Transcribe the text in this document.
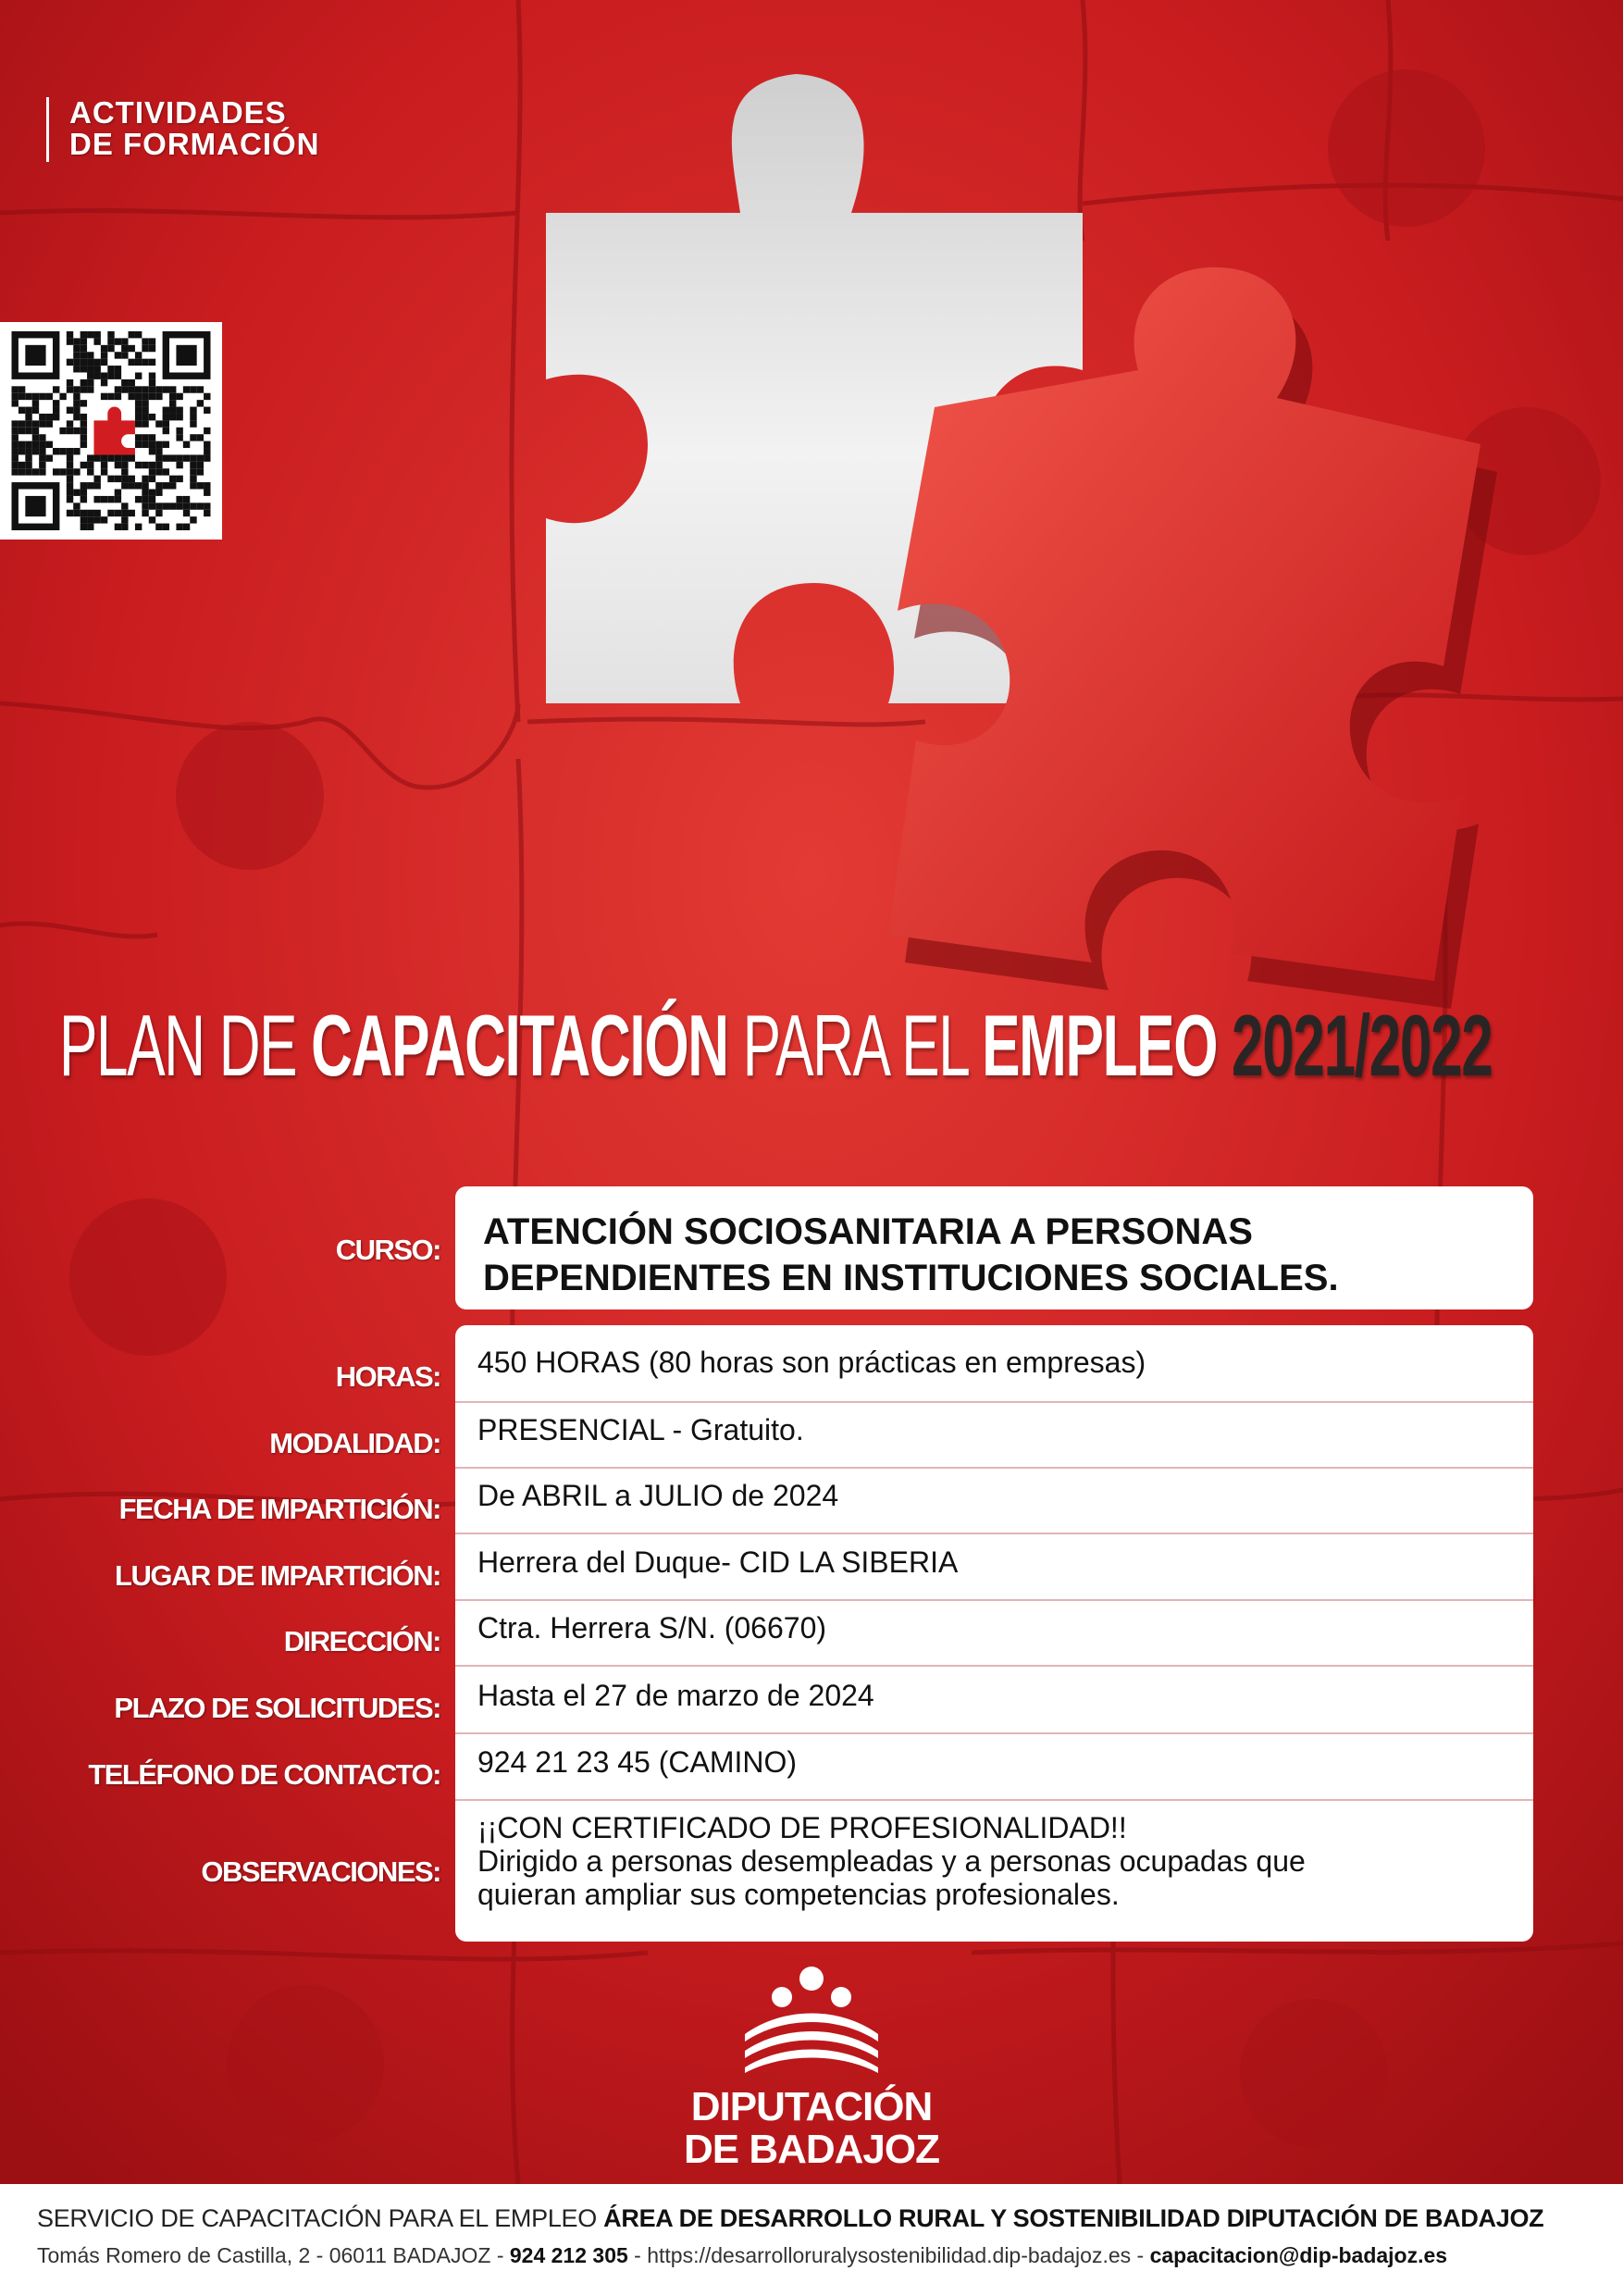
ACTIVIDADES
DE FORMACIÓN
PLAN DE CAPACITACIÓN PARA EL EMPLEO 2021/2022
CURSO: ATENCIÓN SOCIOSANITARIA A PERSONAS
DEPENDIENTES EN INSTITUCIONES SOCIALES.
HORAS:
MODALIDAD:
FECHA DE IMPARTICIÓN:
LUGAR DE IMPARTICIÓN:
DIRECCIÓN:
PLAZO DE SOLICITUDES:
TELÉFONO DE CONTACTO:
OBSERVACIONES:
450 HORAS (80 horas son prácticas en empresas)
PRESENCIAL - Gratuito.
De ABRIL a JULIO de 2024
Herrera del Duque- CID LA SIBERIA
Ctra. Herrera S/N. (06670)
Hasta el 27 de marzo de 2024
924 21 23 45 (CAMINO)
¡¡CON CERTIFICADO DE PROFESIONALIDAD!!
Dirigido a personas desempleadas y a personas ocupadas que
quieran ampliar sus competencias profesionales.
DIPUTACIÓN
DE BADAJOZ
SERVICIO DE CAPACITACIÓN PARA EL EMPLEO ÁREA DE DESARROLLO RURAL Y SOSTENIBILIDAD DIPUTACIÓN DE BADAJOZ
Tomás Romero de Castilla, 2 - 06011 BADAJOZ - 924 212 305 - https://desarrolloruralysostenibilidad.dip-badajoz.es - capacitacion@dip-badajoz.es
